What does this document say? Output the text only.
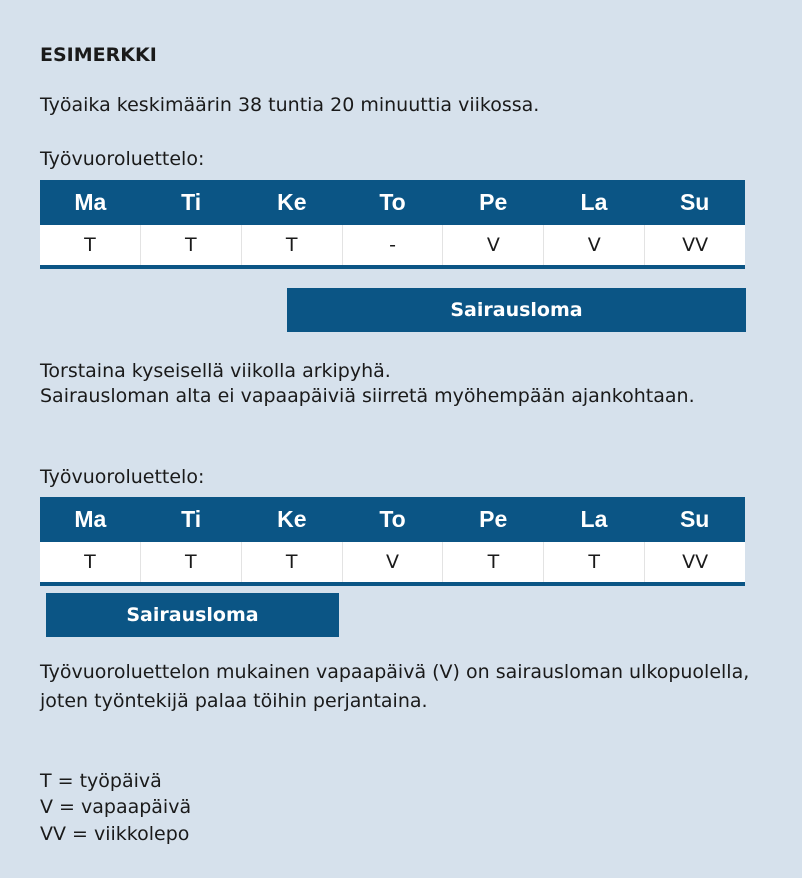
ESIMERKKI
Työaika keskimäärin 38 tuntia 20 minuuttia viikossa.
Työvuoroluettelo:
Ma	Ti	Ke	To	Pe	La	Su
T	T	T	-	V	V	VV
Sairausloma
Torstaina kyseisellä viikolla arkipyhä.
Sairausloman alta ei vapaapäiviä siirretä myöhempään ajankohtaan.
Työvuoroluettelo:
Ma	Ti	Ke	To	Pe	La	Su
T	T	T	V	T	T	VV
Sairausloma
Työvuoroluettelon mukainen vapaapäivä (V) on sairausloman ulkopuolella,
joten työntekijä palaa töihin perjantaina.
T = työpäivä
V = vapaapäivä
VV = viikkolepo
